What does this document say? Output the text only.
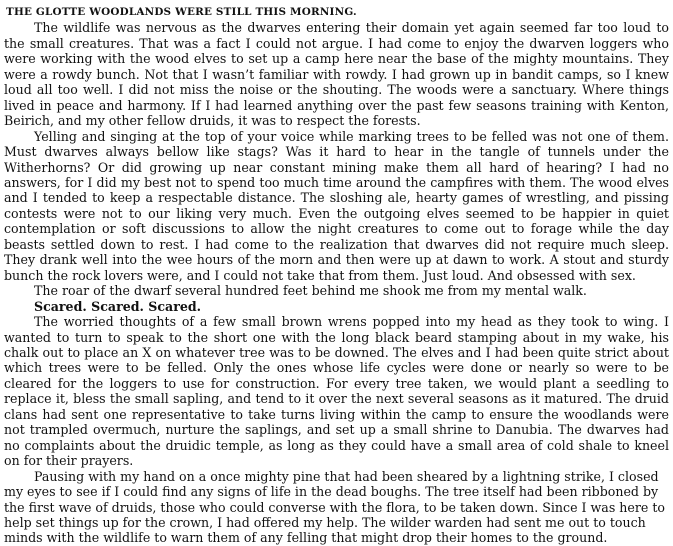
THE GLOTTE WOODLANDS WERE STILL THIS MORNING.

The wildlife was nervous as the dwarves entering their domain yet again seemed far too loud to the small creatures. That was a fact I could not argue. I had come to enjoy the dwarven loggers who were working with the wood elves to set up a camp here near the base of the mighty mountains. They were a rowdy bunch. Not that I wasn’t familiar with rowdy. I had grown up in bandit camps, so I knew loud all too well. I did not miss the noise or the shouting. The woods were a sanctuary. Where things lived in peace and harmony. If I had learned anything over the past few seasons training with Kenton, Beirich, and my other fellow druids, it was to respect the forests.

Yelling and singing at the top of your voice while marking trees to be felled was not one of them. Must dwarves always bellow like stags? Was it hard to hear in the tangle of tunnels under the Witherhorns? Or did growing up near constant mining make them all hard of hearing? I had no answers, for I did my best not to spend too much time around the campfires with them. The wood elves and I tended to keep a respectable distance. The sloshing ale, hearty games of wrestling, and pissing contests were not to our liking very much. Even the outgoing elves seemed to be happier in quiet contemplation or soft discussions to allow the night creatures to come out to forage while the day beasts settled down to rest. I had come to the realization that dwarves did not require much sleep. They drank well into the wee hours of the morn and then were up at dawn to work. A stout and sturdy bunch the rock lovers were, and I could not take that from them. Just loud. And obsessed with sex.

The roar of the dwarf several hundred feet behind me shook me from my mental walk.

Scared. Scared. Scared.

The worried thoughts of a few small brown wrens popped into my head as they took to wing. I wanted to turn to speak to the short one with the long black beard stamping about in my wake, his chalk out to place an X on whatever tree was to be downed. The elves and I had been quite strict about which trees were to be felled. Only the ones whose life cycles were done or nearly so were to be cleared for the loggers to use for construction. For every tree taken, we would plant a seedling to replace it, bless the small sapling, and tend to it over the next several seasons as it matured. The druid clans had sent one representative to take turns living within the camp to ensure the woodlands were not trampled overmuch, nurture the saplings, and set up a small shrine to Danubia. The dwarves had no complaints about the druidic temple, as long as they could have a small area of cold shale to kneel on for their prayers.

Pausing with my hand on a once mighty pine that had been sheared by a lightning strike, I closed my eyes to see if I could find any signs of life in the dead boughs. The tree itself had been ribboned by the first wave of druids, those who could converse with the flora, to be taken down. Since I was here to help set things up for the crown, I had offered my help. The wilder warden had sent me out to touch minds with the wildlife to warn them of any felling that might drop their homes to the ground.
